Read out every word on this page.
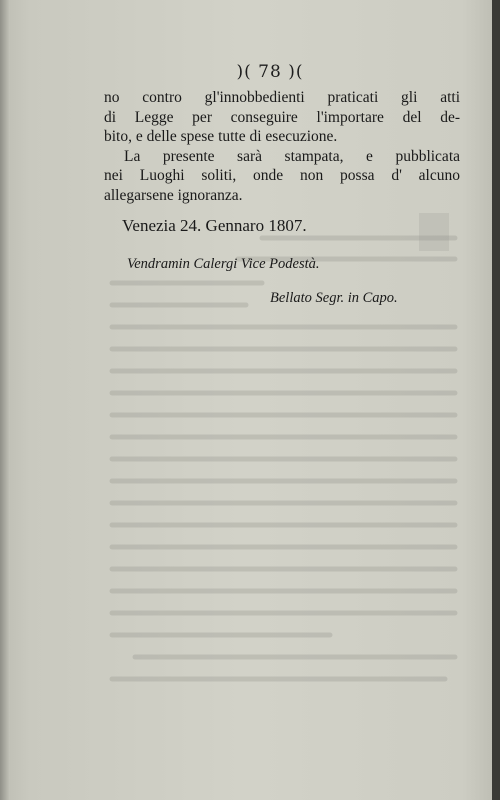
)( 78 )(
no contro gl'innobbedienti praticati gli atti
di Legge per conseguire l'importare del de-
bito, e delle spese tutte di esecuzione.
La presente sarà stampata, e pubblicata
nei Luoghi soliti, onde non possa d' alcuno
allegarsene ignoranza.
Venezia 24. Gennaro 1807.
Vendramin Calergi Vice Podestà.
Bellato Segr. in Capo.
